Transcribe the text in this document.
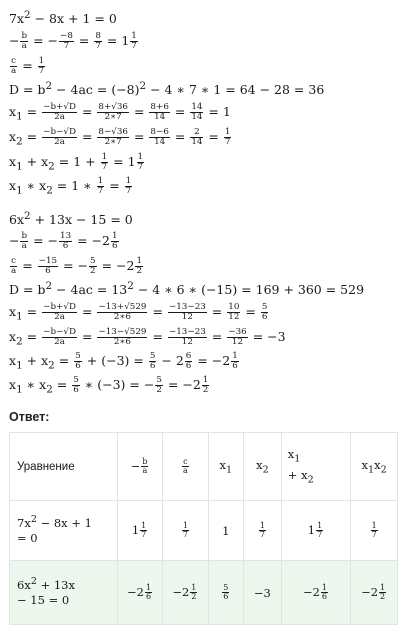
$7x^2 - 8x + 1 = 0$
− $\frac{b}{a}$ = − $\frac{-8}{7} = \frac{8}{7} = 1 \frac{1}{7}$
$\frac{c}{a} = \frac{1}{7}$
$D = b^2 - 4ac = (-8)^2 - 4$ ∗ 7 ∗ 1 = 64 − 28 = 36
$x_1 = \frac{-b+√D}{2a} = \frac{8+√36}{2∗7} = \frac{8+6}{14} = \frac{14}{14} = 1$
$x_2 = \frac{-b-√D}{2a} = \frac{8-√36}{2∗7} = \frac{8-6}{14} = \frac{2}{14} = \frac{1}{7}$
$x_1 + x_2 = 1 + \frac{1}{7} = 1 \frac{1}{7}$
$x_1$ ∗ $x_2 = 1$ ∗ $\frac{1}{7} = \frac{1}{7}$
$6x^2 + 13x - 15 = 0$
− $\frac{b}{a}$ = − $\frac{13}{6} = -2 \frac{1}{6}$
$\frac{c}{a} = \frac{-15}{6}$ = − $\frac{5}{2} = -2 \frac{1}{2}$
$D = b^2 - 4ac = 13^2 - 4$ ∗ 6 ∗ (−15) = 169 + 360 = 529
$x_1 = \frac{-b+√D}{2a} = \frac{-13+√529}{2∗6} = \frac{-13-23}{12} = \frac{10}{12} = \frac{5}{6}$
$x_2 = \frac{-b-√D}{2a} = \frac{-13-√529}{2∗6} = \frac{-13-23}{12} = \frac{-36}{12} = -3$
$x_1 + x_2 = \frac{5}{6} + (-3) = \frac{5}{6} - 2 \frac{6}{6} = -2 \frac{1}{6}$
$x_1$ ∗ $x_2 = \frac{5}{6}$ ∗ (−3) = − $\frac{5}{2} = -2 \frac{1}{2}$
Ответ:
Уравнение	− $\frac{b}{a}$	$\frac{c}{a}$	$x_1$	$x_2$	$x_1$
+ $x_2$	$x_1x_2$
$7x^2 - 8x + 1$
= 0	$1 \frac{1}{7}$	$\frac{1}{7}$	1	$\frac{1}{7}$	$1 \frac{1}{7}$	$\frac{1}{7}$

$6x^2 + 13x$
− 15 = 0	$-2 \frac{1}{6}$	$-2 \frac{1}{2}$	$\frac{5}{6}$	−3	$-2 \frac{1}{6}$	$-2 \frac{1}{2}$
